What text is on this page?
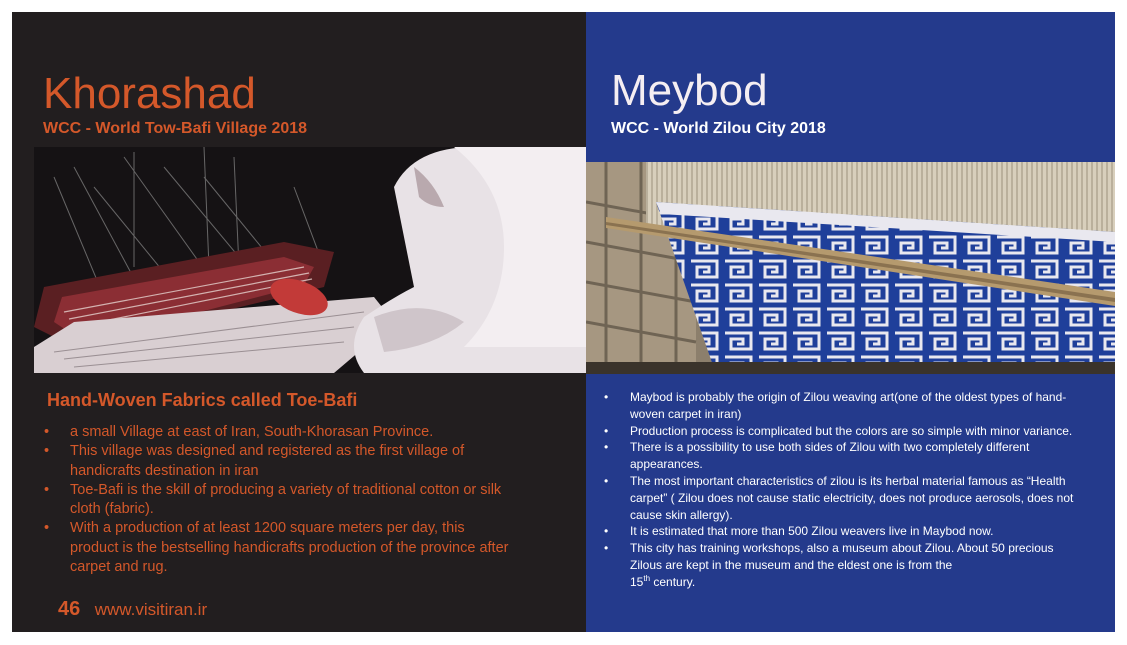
Khorashad
WCC - World Tow-Bafi Village 2018
Hand-Woven Fabrics called Toe-Bafi
• a small Village at east of Iran, South-Khorasan Province.
• This village was designed and registered as the first village of handicrafts destination in iran
• Toe-Bafi is the skill of producing a variety of traditional cotton or silk cloth (fabric).
• With a production of at least 1200 square meters per day, this product is the bestselling handicrafts production of the province after carpet and rug.
46 www.visitiran.ir
Meybod
WCC - World Zilou City 2018
• Maybod is probably the origin of Zilou weaving art(one of the oldest types of hand-woven carpet in iran)
• Production process is complicated but the colors are so simple with minor variance.
• There is a possibility to use both sides of Zilou with two completely different appearances.
• The most important characteristics of zilou is its herbal material famous as “Health carpet” ( Zilou does not cause static electricity, does not produce aerosols, does not cause skin allergy).
• It is estimated that more than 500 Zilou weavers live in Maybod now.
• This city has training workshops, also a museum about Zilou. About 50 precious Zilous are kept in the museum and the eldest one is from the
15th century.
